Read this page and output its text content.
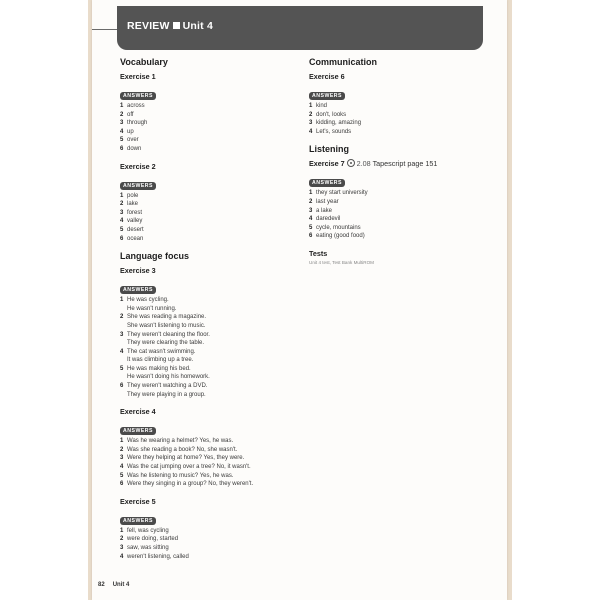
REVIEW Unit 4
Vocabulary
Exercise 1
ANSWERS
1 across
2 off
3 through
4 up
5 over
6 down
Exercise 2
ANSWERS
1 pole
2 lake
3 forest
4 valley
5 desert
6 ocean
Language focus
Exercise 3
ANSWERS
1 He was cycling.
He wasn't running.
2 She was reading a magazine.
She wasn't listening to music.
3 They weren't cleaning the floor.
They were clearing the table.
4 The cat wasn't swimming.
It was climbing up a tree.
5 He was making his bed.
He wasn't doing his homework.
6 They weren't watching a DVD.
They were playing in a group.
Exercise 4
ANSWERS
1 Was he wearing a helmet? Yes, he was.
2 Was she reading a book? No, she wasn't.
3 Were they helping at home? Yes, they were.
4 Was the cat jumping over a tree? No, it wasn't.
5 Was he listening to music? Yes, he was.
6 Were they singing in a group? No, they weren't.
Exercise 5
ANSWERS
1 fell, was cycling
2 were doing, started
3 saw, was sitting
4 weren't listening, called
Communication
Exercise 6
ANSWERS
1 kind
2 don't, looks
3 kidding, amazing
4 Let's, sounds
Listening
Exercise 7 2.08 Tapescript page 151
ANSWERS
1 they start university
2 last year
3 a lake
4 daredevil
5 cycle, mountains
6 eating (good food)
Tests
Unit 4 test, Test Bank MultiROM
82 Unit 4
